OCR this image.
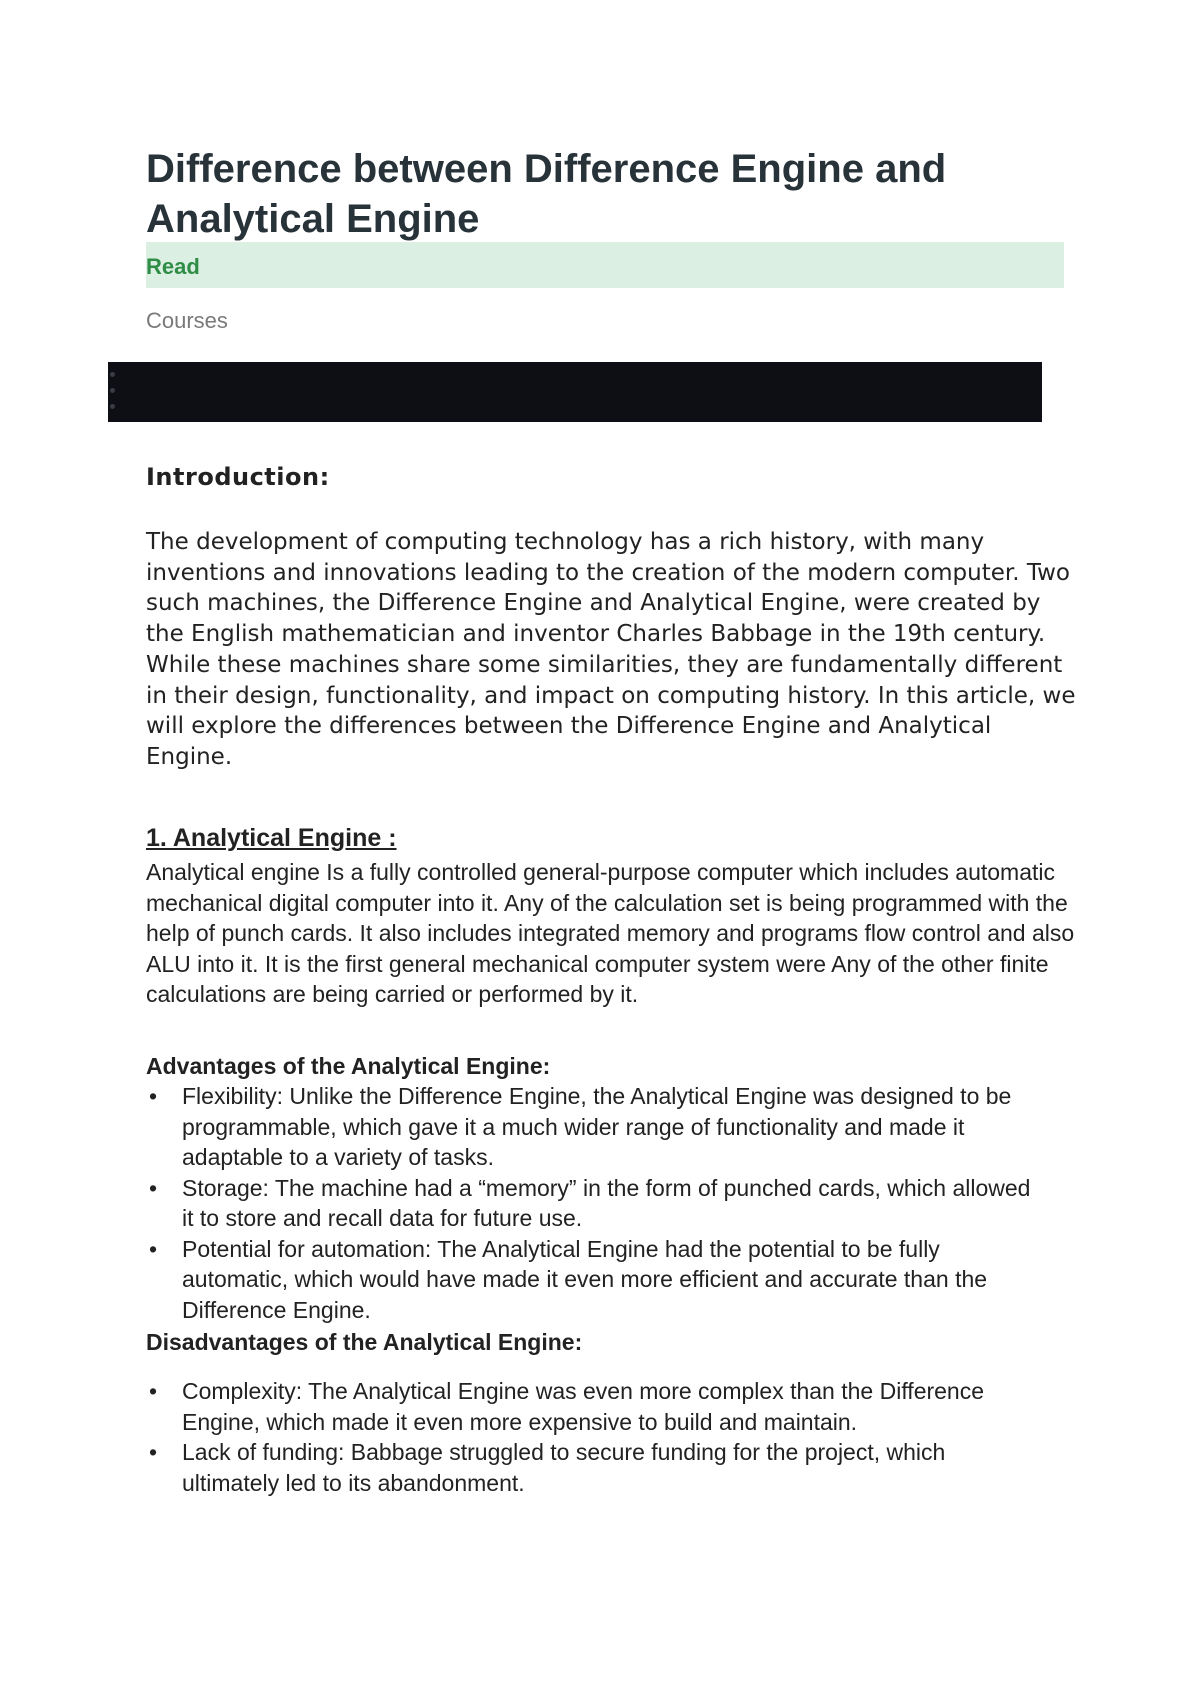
Difference between Difference Engine and Analytical Engine
Read
Courses
Introduction:

The development of computing technology has a rich history, with many inventions and innovations leading to the creation of the modern computer. Two such machines, the Difference Engine and Analytical Engine, were created by the English mathematician and inventor Charles Babbage in the 19th century. While these machines share some similarities, they are fundamentally different in their design, functionality, and impact on computing history. In this article, we will explore the differences between the Difference Engine and Analytical Engine.

1. Analytical Engine :

Analytical engine Is a fully controlled general-purpose computer which includes automatic mechanical digital computer into it. Any of the calculation set is being programmed with the help of punch cards. It also includes integrated memory and programs flow control and also ALU into it. It is the first general mechanical computer system were Any of the other finite calculations are being carried or performed by it.

Advantages of the Analytical Engine:
• Flexibility: Unlike the Difference Engine, the Analytical Engine was designed to be programmable, which gave it a much wider range of functionality and made it adaptable to a variety of tasks.
• Storage: The machine had a “memory” in the form of punched cards, which allowed it to store and recall data for future use.
• Potential for automation: The Analytical Engine had the potential to be fully automatic, which would have made it even more efficient and accurate than the Difference Engine.
Disadvantages of the Analytical Engine:
• Complexity: The Analytical Engine was even more complex than the Difference Engine, which made it even more expensive to build and maintain.
• Lack of funding: Babbage struggled to secure funding for the project, which ultimately led to its abandonment.
